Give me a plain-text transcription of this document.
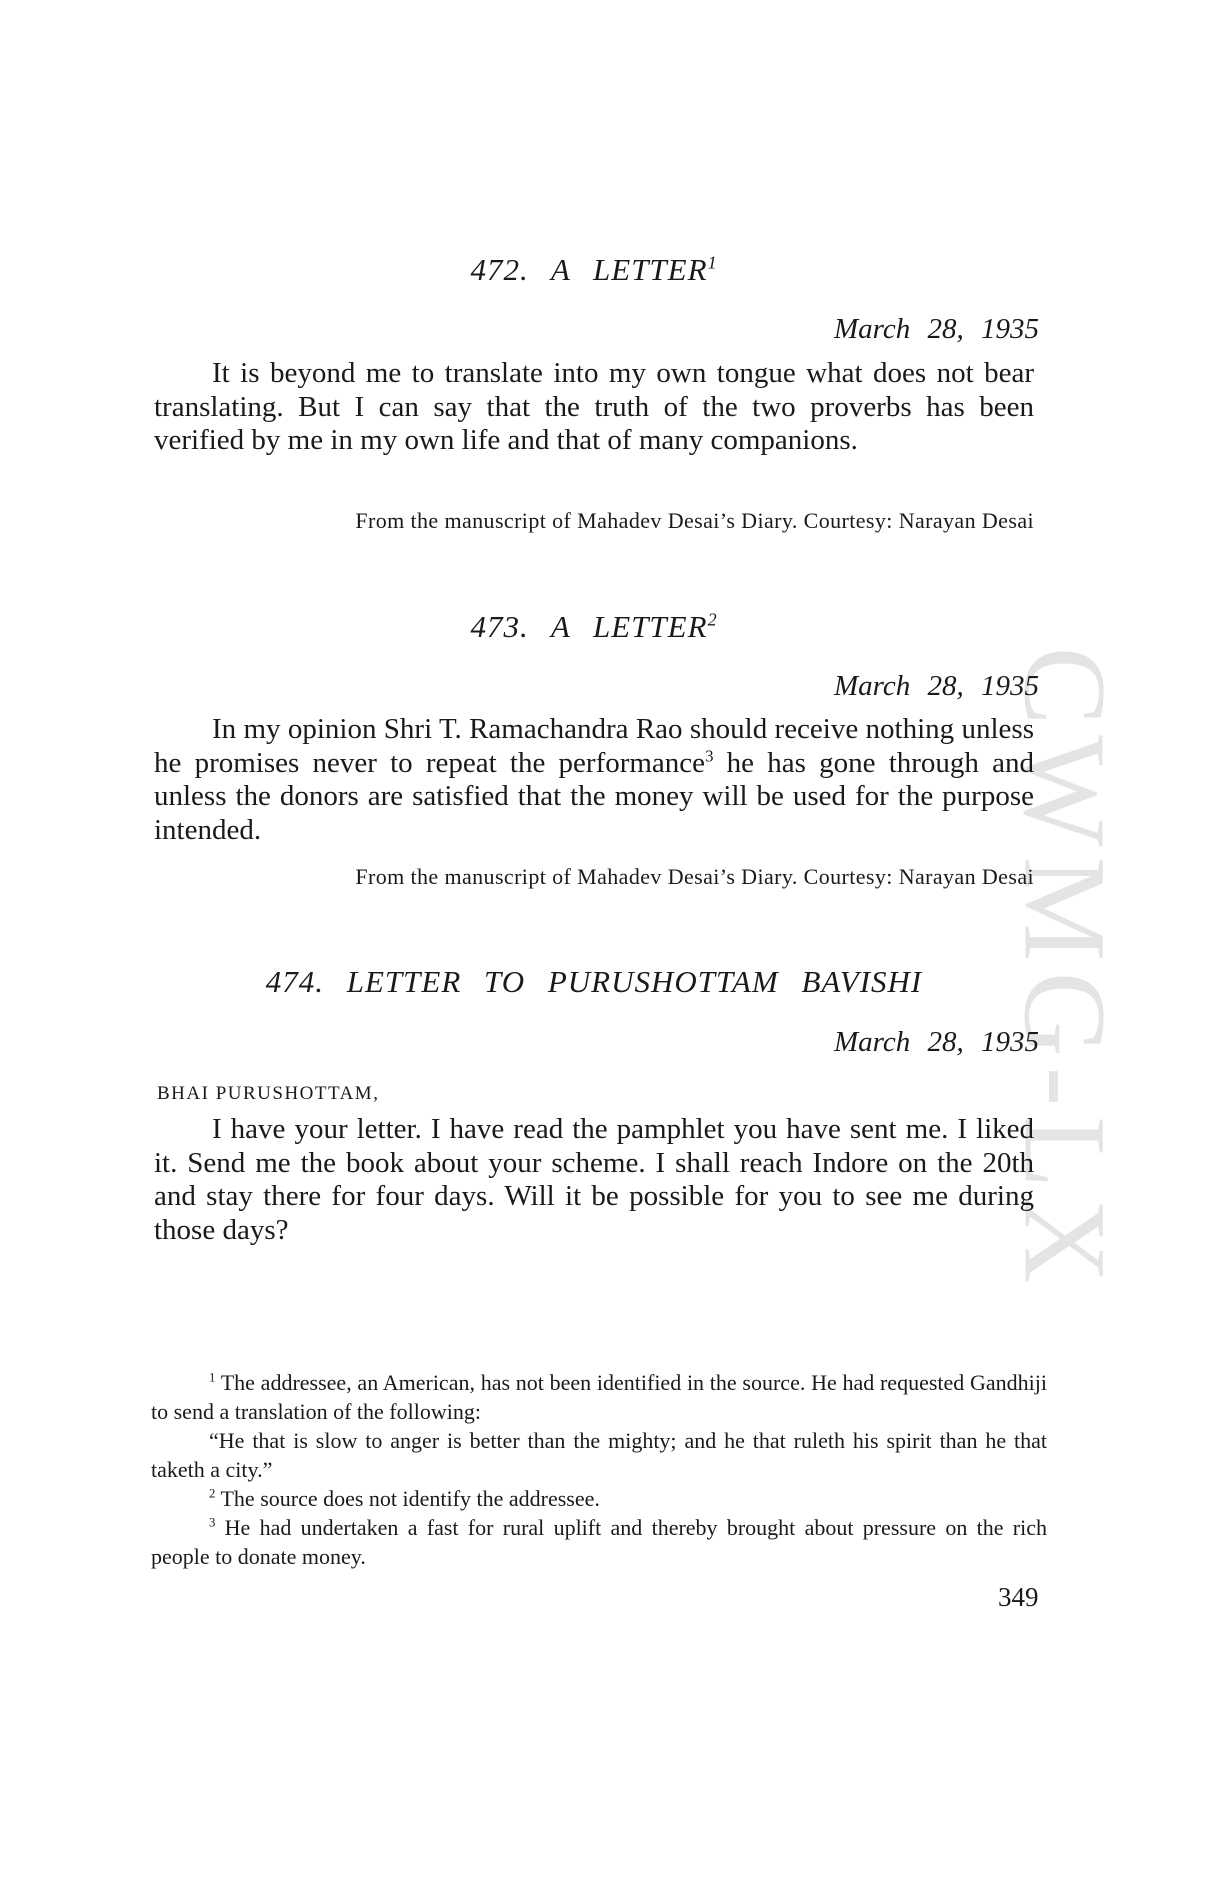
CWMG-LX
472. A LETTER$^1$
March 28, 1935
It is beyond me to translate into my own tongue what does not bear translating. But I can say that the truth of the two proverbs has been verified by me in my own life and that of many companions.
From the manuscript of Mahadev Desai’s Diary. Courtesy: Narayan Desai
473. A LETTER$^2$
March 28, 1935
In my opinion Shri T. Ramachandra Rao should receive nothing unless he promises never to repeat the performance$^3$ he has gone through and unless the donors are satisfied that the money will be used for the purpose intended.
From the manuscript of Mahadev Desai’s Diary. Courtesy: Narayan Desai
474. LETTER TO PURUSHOTTAM BAVISHI
March 28, 1935
BHAI PURUSHOTTAM,
I have your letter. I have read the pamphlet you have sent me. I liked it. Send me the book about your scheme. I shall reach Indore on the 20th and stay there for four days. Will it be possible for you to see me during those days?

$^1$ The addressee, an American, has not been identified in the source. He had requested Gandhiji to send a translation of the following:

“He that is slow to anger is better than the mighty; and he that ruleth his spirit than he that taketh a city.”

$^2$ The source does not identify the addressee.

$^3$ He had undertaken a fast for rural uplift and thereby brought about pressure on the rich people to donate money.

349
